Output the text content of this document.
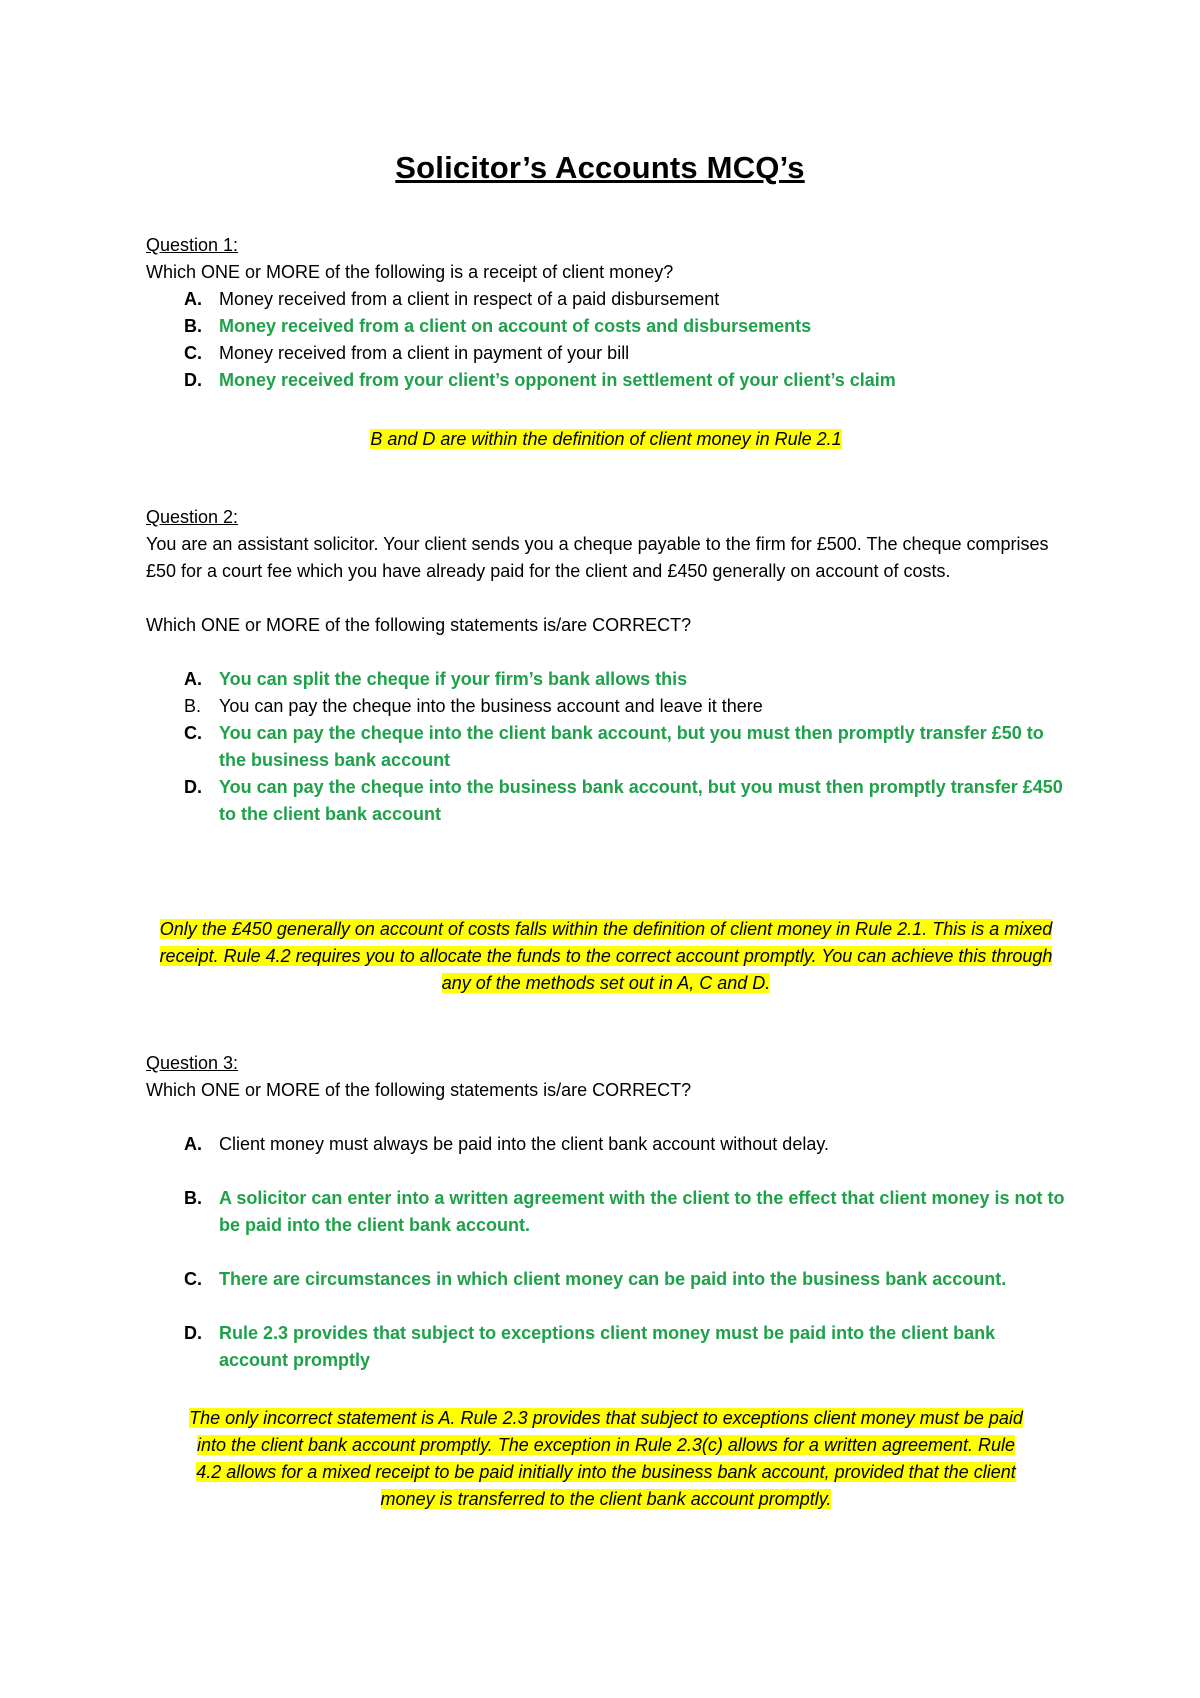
Solicitor’s Accounts MCQ’s

Question 1:

Which ONE or MORE of the following is a receipt of client money?

A. Money received from a client in respect of a paid disbursement
B. Money received from a client on account of costs and disbursements
C. Money received from a client in payment of your bill
D. Money received from your client’s opponent in settlement of your client’s claim

B and D are within the definition of client money in Rule 2.1

Question 2:

You are an assistant solicitor. Your client sends you a cheque payable to the firm for £500. The cheque comprises £50 for a court fee which you have already paid for the client and £450 generally on account of costs.

Which ONE or MORE of the following statements is/are CORRECT?

A. You can split the cheque if your firm’s bank allows this
B. You can pay the cheque into the business account and leave it there
C. You can pay the cheque into the client bank account, but you must then promptly transfer £50 to the business bank account
D. You can pay the cheque into the business bank account, but you must then promptly transfer £450 to the client bank account

Only the £450 generally on account of costs falls within the definition of client money in Rule 2.1. This is a mixed receipt. Rule 4.2 requires you to allocate the funds to the correct account promptly. You can achieve this through any of the methods set out in A, C and D.

Question 3:

Which ONE or MORE of the following statements is/are CORRECT?

A. Client money must always be paid into the client bank account without delay.
B. A solicitor can enter into a written agreement with the client to the effect that client money is not to be paid into the client bank account.
C. There are circumstances in which client money can be paid into the business bank account.
D. Rule 2.3 provides that subject to exceptions client money must be paid into the client bank account promptly

The only incorrect statement is A. Rule 2.3 provides that subject to exceptions client money must be paid into the client bank account promptly. The exception in Rule 2.3(c) allows for a written agreement. Rule 4.2 allows for a mixed receipt to be paid initially into the business bank account, provided that the client money is transferred to the client bank account promptly.
